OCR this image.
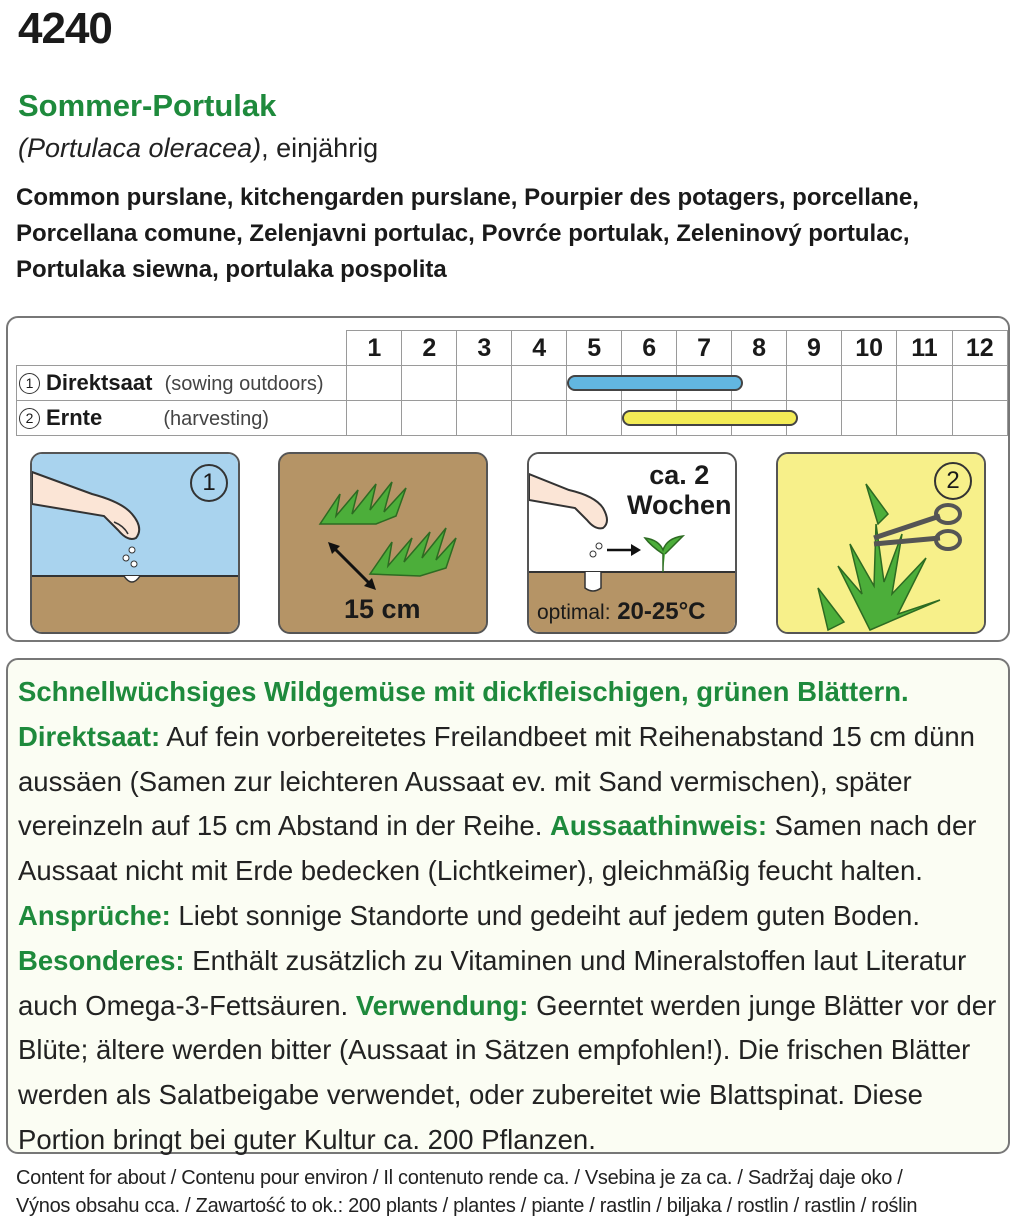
4240
Sommer-Portulak
(Portulaca oleracea), einjährig
Common purslane, kitchengarden purslane, Pourpier des potagers, porcellane, Porcellana comune, Zelenjavni portulac, Povrće portulak, Zeleninový portulac, Portulaka siewna, portulaka pospolita
	1	2	3	4	5	6	7	8	9	10	11	12
1 Direktsaat (sowing outdoors)												
2 Ernte (harvesting)												
1
15 cm
ca. 2
Wochen
optimal: 20-25°C
2

Schnellwüchsiges Wildgemüse mit dickfleischigen, grünen Blättern.

Direktsaat: Auf fein vorbereitetes Freilandbeet mit Reihenabstand 15 cm dünn aussäen (Samen zur leichteren Aussaat ev. mit Sand vermischen), später vereinzeln auf 15 cm Abstand in der Reihe. Aussaathinweis: Samen nach der Aussaat nicht mit Erde bedecken (Lichtkeimer), gleichmäßig feucht halten.

Ansprüche: Liebt sonnige Standorte und gedeiht auf jedem guten Boden.

Besonderes: Enthält zusätzlich zu Vitaminen und Mineralstoffen laut Literatur auch Omega-3-Fettsäuren. Verwendung: Geerntet werden junge Blätter vor der Blüte; ältere werden bitter (Aussaat in Sätzen empfohlen!). Die frischen Blätter werden als Salatbeigabe verwendet, oder zubereitet wie Blattspinat. Diese Portion bringt bei guter Kultur ca. 200 Pflanzen.

Content for about / Contenu pour environ / Il contenuto rende ca. / Vsebina je za ca. / Sadržaj daje oko /
Výnos obsahu cca. / Zawartość to ok.: 200 plants / plantes / piante / rastlin / biljaka / rostlin / rastlin / roślin
